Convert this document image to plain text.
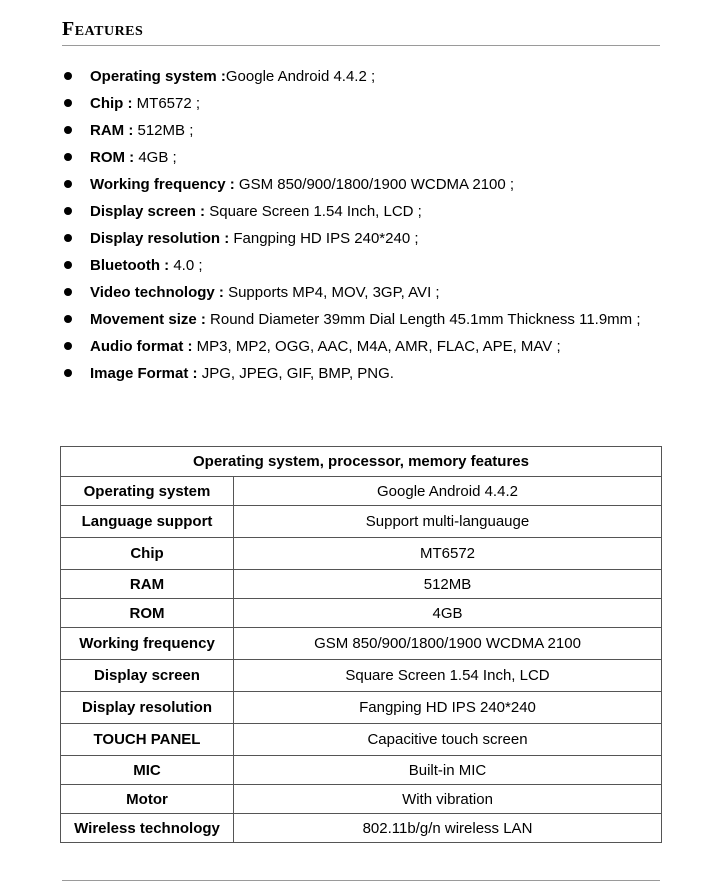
Features
Operating system :Google Android 4.4.2 ;
Chip : MT6572 ;
RAM : 512MB ;
ROM : 4GB ;
Working frequency : GSM 850/900/1800/1900 WCDMA 2100 ;
Display screen : Square Screen 1.54 Inch, LCD ;
Display resolution : Fangping HD IPS 240*240 ;
Bluetooth : 4.0 ;
Video technology : Supports MP4, MOV, 3GP, AVI ;
Movement size : Round Diameter 39mm Dial Length 45.1mm Thickness 11.9mm ;
Audio format : MP3, MP2, OGG, AAC, M4A, AMR, FLAC, APE, MAV ;
Image Format : JPG, JPEG, GIF, BMP, PNG.
Operating system, processor, memory features	
Operating system	Google Android 4.4.2
Language support	Support multi-languauge
Chip	MT6572
RAM	512MB
ROM	4GB
Working frequency	GSM 850/900/1800/1900 WCDMA 2100
Display screen	Square Screen 1.54 Inch, LCD
Display resolution	Fangping HD IPS 240*240
TOUCH PANEL	Capacitive touch screen
MIC	Built-in MIC
Motor	With vibration
Wireless technology	802.11b/g/n wireless LAN
